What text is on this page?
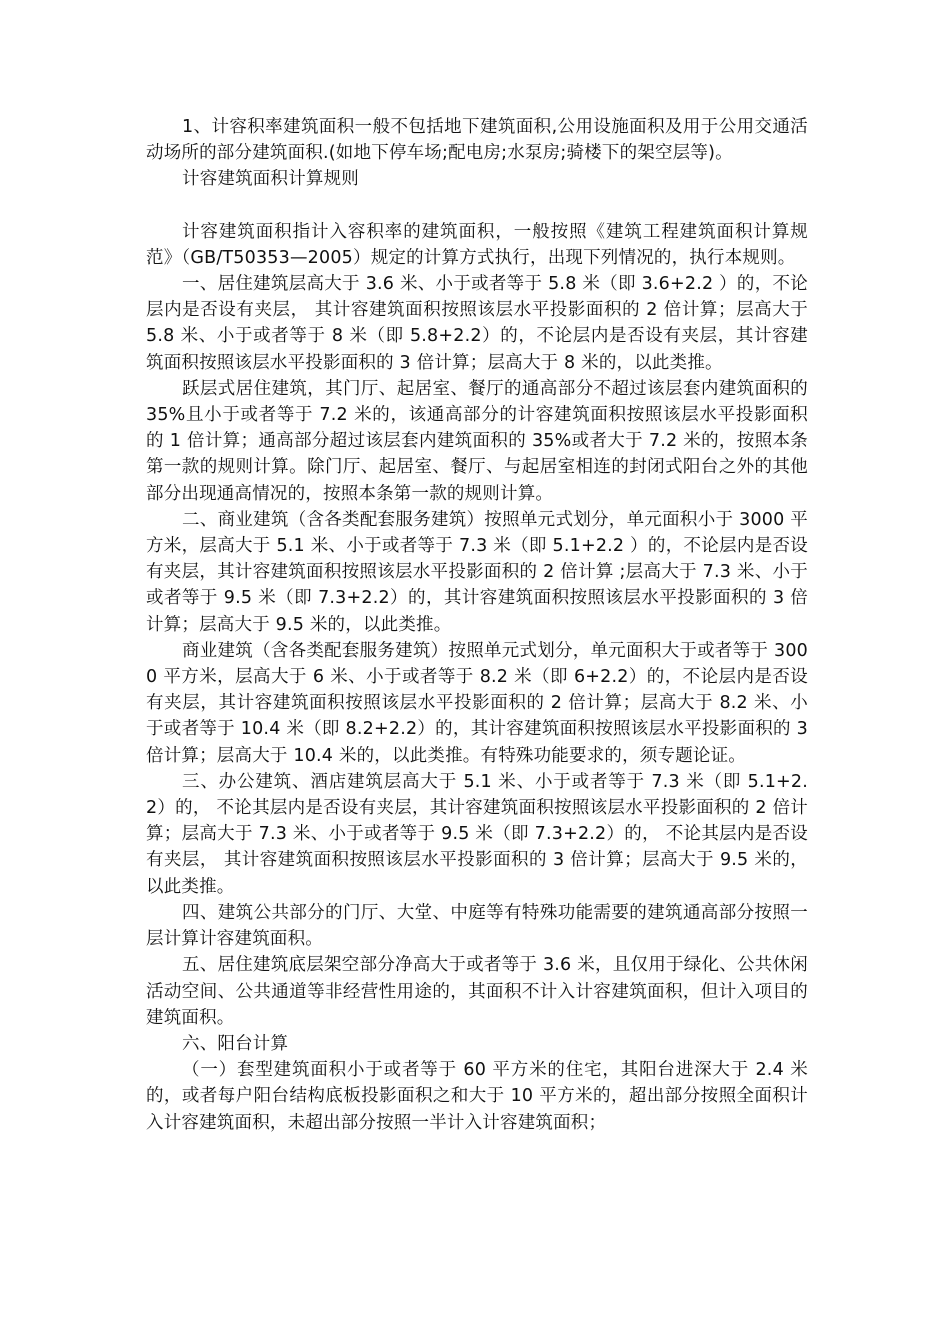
1、计容积率建筑面积一般不包括地下建筑面积,公用设施面积及用于公用交通活动场所的部分建筑面积.(如地下停车场;配电房;水泵房;骑楼下的架空层等)。

计容建筑面积计算规则

计容建筑面积指计入容积率的建筑面积，一般按照《建筑工程建筑面积计算规范》（GB/T50353—2005）规定的计算方式执行，出现下列情况的，执行本规则。

一、居住建筑层高大于 3.6 米、小于或者等于 5.8 米（即 3.6+2.2 ）的，不论层内是否设有夹层， 其计容建筑面积按照该层水平投影面积的 2 倍计算；层高大于 5.8 米、小于或者等于 8 米（即 5.8+2.2）的，不论层内是否设有夹层，其计容建筑面积按照该层水平投影面积的 3 倍计算；层高大于 8 米的，以此类推。

跃层式居住建筑，其门厅、起居室、餐厅的通高部分不超过该层套内建筑面积的 35%且小于或者等于 7.2 米的，该通高部分的计容建筑面积按照该层水平投影面积的 1 倍计算；通高部分超过该层套内建筑面积的 35%或者大于 7.2 米的，按照本条第一款的规则计算。除门厅、起居室、餐厅、与起居室相连的封闭式阳台之外的其他部分出现通高情况的，按照本条第一款的规则计算。

二、商业建筑（含各类配套服务建筑）按照单元式划分，单元面积小于 3000 平方米，层高大于 5.1 米、小于或者等于 7.3 米（即 5.1+2.2 ）的，不论层内是否设有夹层，其计容建筑面积按照该层水平投影面积的 2 倍计算 ;层高大于 7.3 米、小于或者等于 9.5 米（即 7.3+2.2）的，其计容建筑面积按照该层水平投影面积的 3 倍计算；层高大于 9.5 米的，以此类推。

商业建筑（含各类配套服务建筑）按照单元式划分，单元面积大于或者等于 3000 平方米，层高大于 6 米、小于或者等于 8.2 米（即 6+2.2）的，不论层内是否设有夹层，其计容建筑面积按照该层水平投影面积的 2 倍计算；层高大于 8.2 米、小于或者等于 10.4 米（即 8.2+2.2）的，其计容建筑面积按照该层水平投影面积的 3 倍计算；层高大于 10.4 米的，以此类推。有特殊功能要求的，须专题论证。

三、办公建筑、酒店建筑层高大于 5.1 米、小于或者等于 7.3 米（即 5.1+2.2）的， 不论其层内是否设有夹层，其计容建筑面积按照该层水平投影面积的 2 倍计算；层高大于 7.3 米、小于或者等于 9.5 米（即 7.3+2.2）的， 不论其层内是否设有夹层， 其计容建筑面积按照该层水平投影面积的 3 倍计算；层高大于 9.5 米的，以此类推。

四、建筑公共部分的门厅、大堂、中庭等有特殊功能需要的建筑通高部分按照一层计算计容建筑面积。

五、居住建筑底层架空部分净高大于或者等于 3.6 米，且仅用于绿化、公共休闲活动空间、公共通道等非经营性用途的，其面积不计入计容建筑面积，但计入项目的建筑面积。

六、阳台计算

（一）套型建筑面积小于或者等于 60 平方米的住宅，其阳台进深大于 2.4 米的，或者每户阳台结构底板投影面积之和大于 10 平方米的，超出部分按照全面积计入计容建筑面积，未超出部分按照一半计入计容建筑面积；
